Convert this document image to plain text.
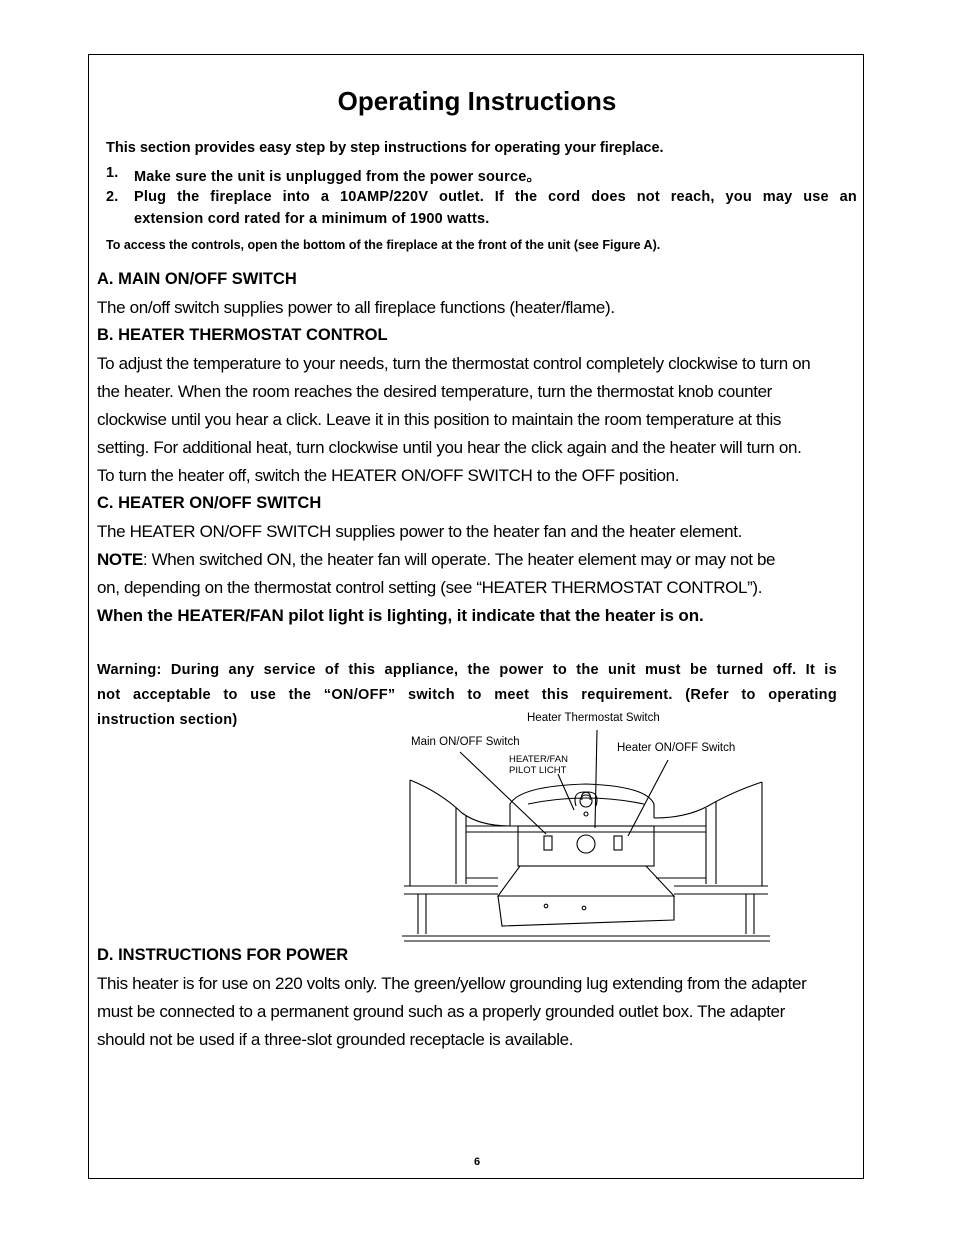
Operating Instructions

This section provides easy step by step instructions for operating your fireplace.

1. Make sure the unit is unplugged from the power source。
2. Plug the fireplace into a 10AMP/220V outlet. If the cord does not reach, you may use an
extension cord rated for a minimum of 1900 watts.

To access the controls, open the bottom of the fireplace at the front of the unit (see Figure A).

A. MAIN ON/OFF SWITCH

The on/off switch supplies power to all fireplace functions (heater/flame).

B. HEATER THERMOSTAT CONTROL

To adjust the temperature to your needs, turn the thermostat control completely clockwise to turn on
the heater. When the room reaches the desired temperature, turn the thermostat knob counter
clockwise until you hear a click. Leave it in this position to maintain the room temperature at this
setting. For additional heat, turn clockwise until you hear the click again and the heater will turn on.
To turn the heater off, switch the HEATER ON/OFF SWITCH to the OFF position.

C. HEATER ON/OFF SWITCH

The HEATER ON/OFF SWITCH supplies power to the heater fan and the heater element.
NOTE: When switched ON, the heater fan will operate. The heater element may or may not be
on, depending on the thermostat control setting (see “HEATER THERMOSTAT CONTROL”).
When the HEATER/FAN pilot light is lighting, it indicate that the heater is on.
Warning: During any service of this appliance, the power to the unit must be turned off. It is
not acceptable to use the “ON/OFF” switch to meet this requirement. (Refer to operating
instruction section)	Heater Thermostat Switch
Main ON/OFF Switch	Heater ON/OFF Switch
HEATER/FAN
PILOT LICHT

D. INSTRUCTIONS FOR POWER

This heater is for use on 220 volts only. The green/yellow grounding lug extending from the adapter
must be connected to a permanent ground such as a properly grounded outlet box. The adapter
should not be used if a three-slot grounded receptacle is available.

6
